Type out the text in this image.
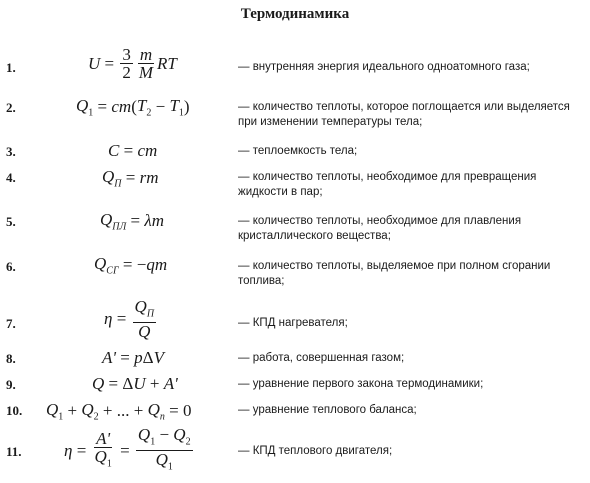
Термодинамика
1.	$U = \frac{3}{2} \frac{m}{M}$ RT	— внутренняя энергия идеального одноатомного газа;
2.	$Q_1$ = cm ( $T_2 - T_1$ )	— количество теплоты, которое поглощается или выделяется при изменении температуры тела;
3.	C = cm	— теплоемкость тела;
4.	$Q_П$ = rm	— количество теплоты, необходимое для превращения жидкости в пар;
5.	$Q_{ПЛ} = \lambda m$	— количество теплоты, необходимое для плавления кристаллического вещества;
6.	$Q_{СГ}$ = − qm	— количество теплоты, выделяемое при полном сгорании топлива;
7.	$\eta = \frac{Q_П}{Q}$	— КПД нагревателя;
8.	A' = p Δ V	— работа, совершенная газом;
9.	Q = Δ U + A'	— уравнение первого закона термодинамики;
10. $Q_1 + Q_2$ + ... + $Q_n = 0$	— уравнение теплового баланса;
11. $\eta = \frac{A'}{Q_1} = \frac{Q_1 - Q_2}{Q_1}$	— КПД теплового двигателя;
